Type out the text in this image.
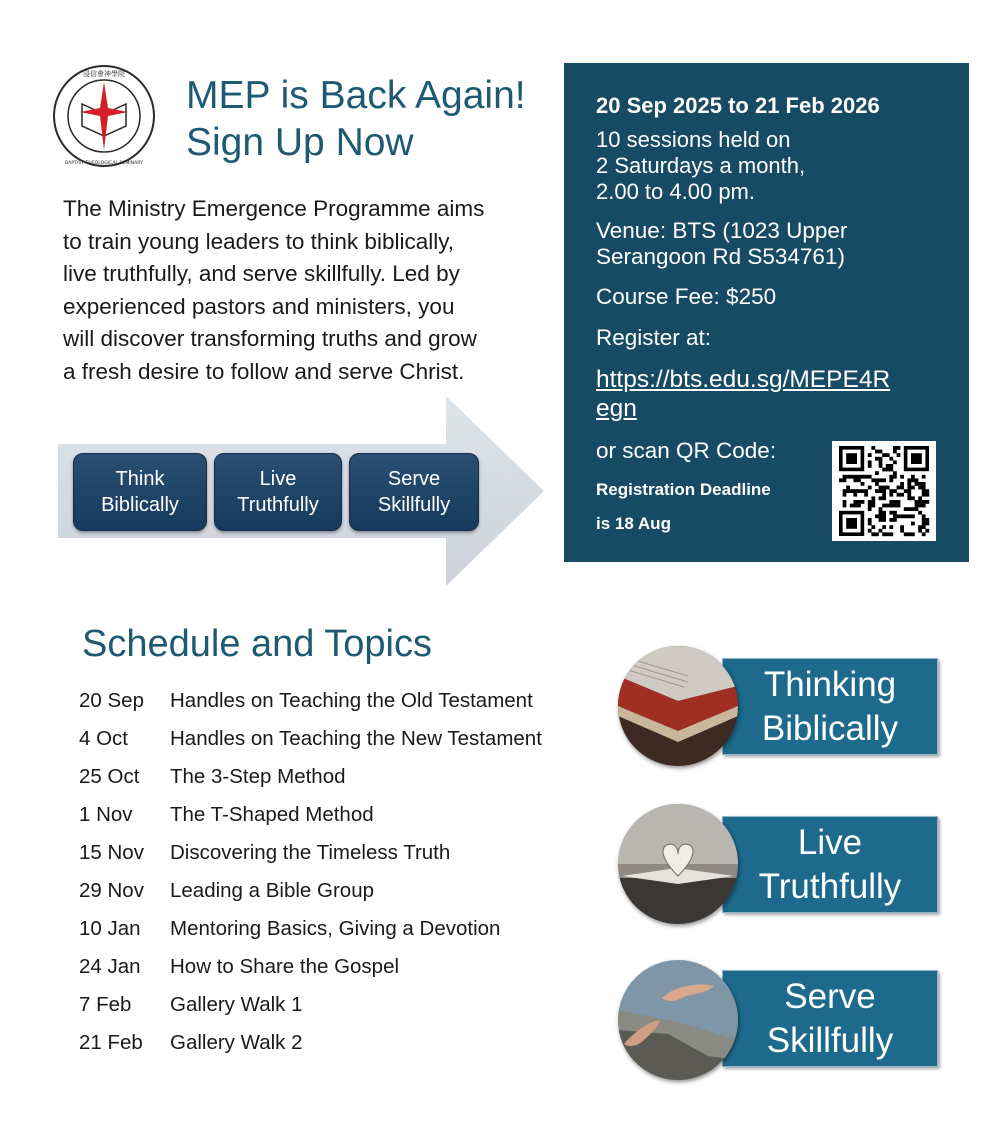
浸信會神學院
BAPTIST THEOLOGICAL SEMINARY
MEP is Back Again!
Sign Up Now
The Ministry Emergence Programme aims
to train young leaders to think biblically,
live truthfully, and serve skillfully. Led by
experienced pastors and ministers, you
will discover transforming truths and grow
a fresh desire to follow and serve Christ.
Think
Biblically
Live
Truthfully
Serve
Skillfully
20 Sep 2025 to 21 Feb 2026
10 sessions held on
2 Saturdays a month,
2.00 to 4.00 pm.
Venue: BTS (1023 Upper
Serangoon Rd S534761)
Course Fee: $250
Register at:
https://bts.edu.sg/MEPE4R
egn
or scan QR Code:
Registration Deadline
is 18 Aug
Schedule and Topics
20 Sep Handles on Teaching the Old Testament
4 Oct Handles on Teaching the New Testament
25 Oct The 3-Step Method
1 Nov The T-Shaped Method
15 Nov Discovering the Timeless Truth
29 Nov Leading a Bible Group
10 Jan Mentoring Basics, Giving a Devotion
24 Jan How to Share the Gospel
7 Feb Gallery Walk 1
21 Feb Gallery Walk 2
Thinking
Biblically
Live
Truthfully
Serve
Skillfully
